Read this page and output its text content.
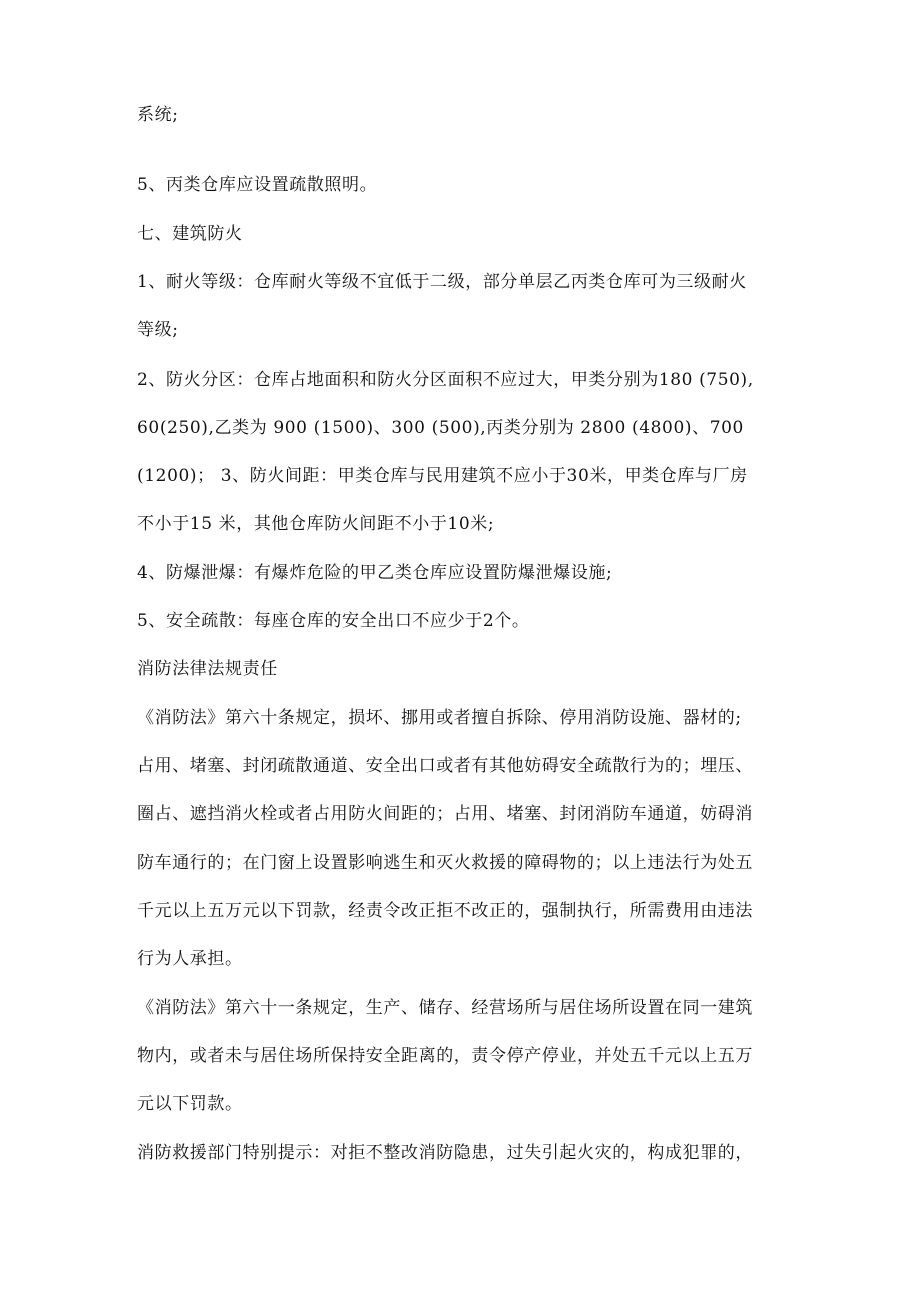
系统;
5、丙类仓库应设置疏散照明。
七、建筑防火
1、耐火等级：仓库耐火等级不宜低于二级，部分单层乙丙类仓库可为三级耐火
等级;
2、防火分区：仓库占地面积和防火分区面积不应过大，甲类分别为180 (750),
60(250),乙类为 900 (1500)、300 (500),丙类分别为 2800 (4800)、700
(1200)； 3、防火间距：甲类仓库与民用建筑不应小于30米，甲类仓库与厂房
不小于15 米，其他仓库防火间距不小于10米;
4、防爆泄爆：有爆炸危险的甲乙类仓库应设置防爆泄爆设施;
5、安全疏散：每座仓库的安全出口不应少于2个。
消防法律法规责任
《消防法》第六十条规定，损坏、挪用或者擅自拆除、停用消防设施、器材的;
占用、堵塞、封闭疏散通道、安全出口或者有其他妨碍安全疏散行为的；埋压、
圈占、遮挡消火栓或者占用防火间距的；占用、堵塞、封闭消防车通道，妨碍消
防车通行的；在门窗上设置影响逃生和灭火救援的障碍物的；以上违法行为处五
千元以上五万元以下罚款，经责令改正拒不改正的，强制执行，所需费用由违法
行为人承担。
《消防法》第六十一条规定，生产、储存、经营场所与居住场所设置在同一建筑
物内，或者未与居住场所保持安全距离的，责令停产停业，并处五千元以上五万
元以下罚款。
消防救援部门特别提示：对拒不整改消防隐患，过失引起火灾的，构成犯罪的，
